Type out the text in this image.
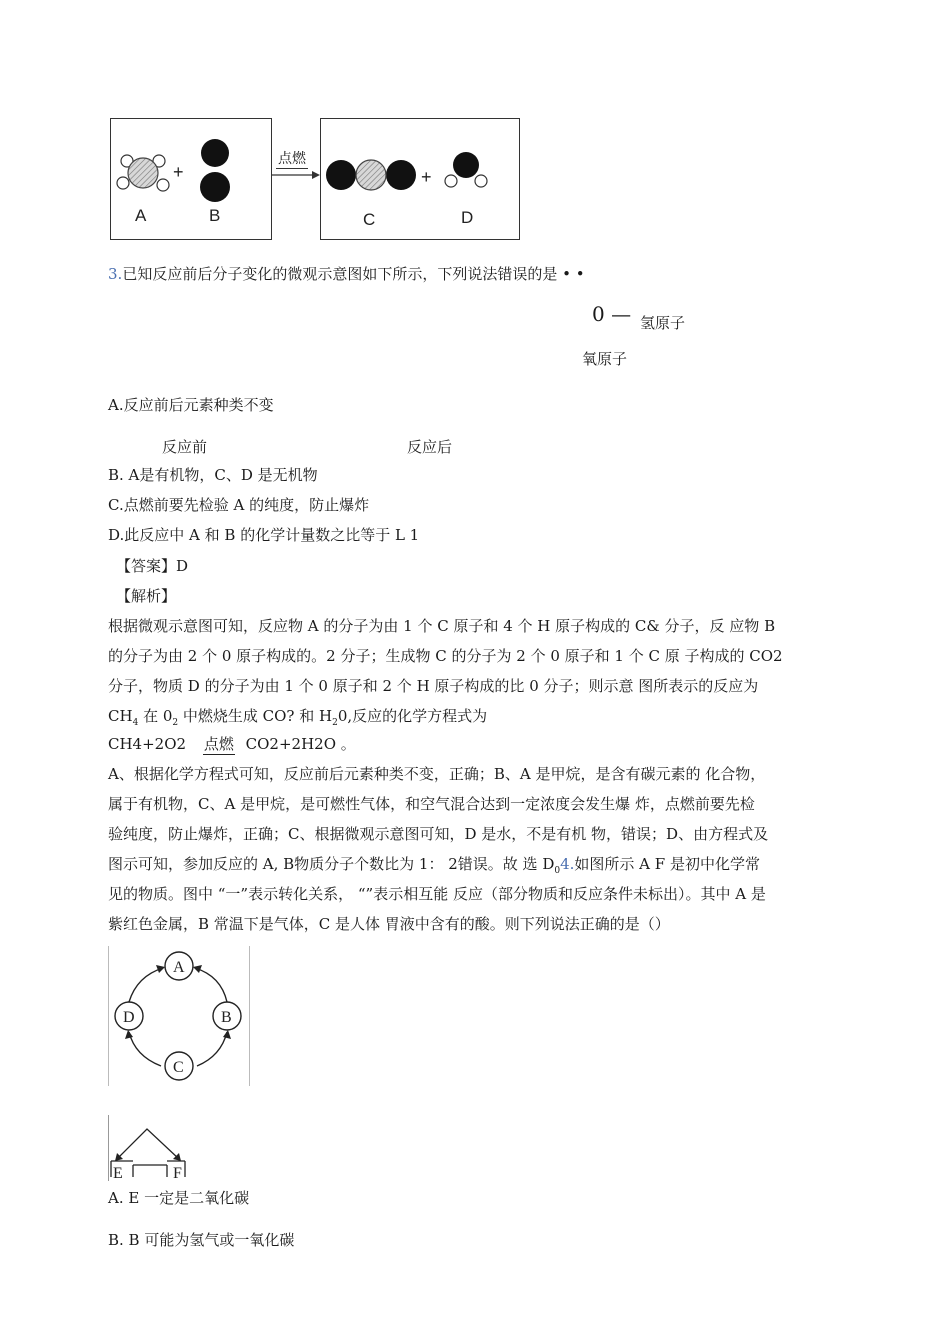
A
+
B
点燃
C
+
D
3.已知反应前后分子变化的微观示意图如下所示，下列说法错误的是 • •
0 — 氢原子
氧原子
A.反应前后元素种类不变
反应前	反应后
B. A是有机物，C、D 是无机物
C.点燃前要先检验 A 的纯度，防止爆炸
D.此反应中 A 和 B 的化学计量数之比等于 L 1
【答案】D
【解析】
根据微观示意图可知，反应物 A 的分子为由 1 个 C 原子和 4 个 H 原子构成的 C& 分子，反 应物 B
的分子为由 2 个 0 原子构成的。2 分子；生成物 C 的分子为 2 个 0 原子和 1 个 C 原 子构成的 CO2
分子，物质 D 的分子为由 1 个 0 原子和 2 个 H 原子构成的比 0 分子；则示意 图所表示的反应为
$CH_4$ 在 $0_2$ 中燃烧生成 CO? 和 $H_20$,反应的化学方程式为
CH4+2O2 点燃 CO2+2H2O 。
A、根据化学方程式可知，反应前后元素种类不变，正确；B、A 是甲烷，是含有碳元素的 化合物，
属于有机物，C、A 是甲烷，是可燃性气体，和空气混合达到一定浓度会发生爆 炸，点燃前要先检
验纯度，防止爆炸，正确；C、根据微观示意图可知，D 是水，不是有机 物，错误；D、由方程式及
图示可知，参加反应的 A, B物质分子个数比为 1： 2错误。故 选 $D_04$.如图所示 A F 是初中化学常
见的物质。图中 “一”表示转化关系， “”表示相互能 反应（部分物质和反应条件未标出）。其中 A 是
紫红色金属，B 常温下是气体，C 是人体 胃液中含有的酸。则下列说法正确的是（）
A
D	B
C
E	F
A. E 一定是二氧化碳
B. B 可能为氢气或一氧化碳
